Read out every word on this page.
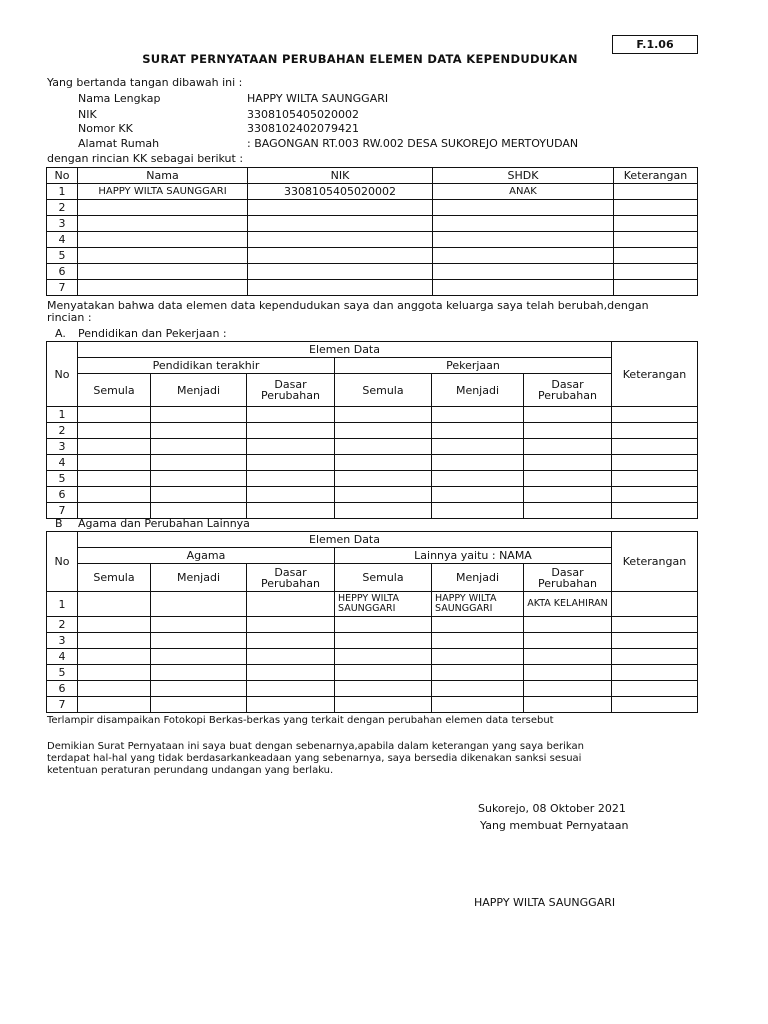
F.1.06
SURAT PERNYATAAN PERUBAHAN ELEMEN DATA KEPENDUDUKAN
Yang bertanda tangan dibawah ini :
Nama Lengkap	HAPPY WILTA SAUNGGARI
NIK	3308105405020002
Nomor KK	3308102402079421
Alamat Rumah	: BAGONGAN RT.003 RW.002 DESA SUKOREJO MERTOYUDAN
dengan rincian KK sebagai berikut :
No	Nama	NIK	SHDK	Keterangan
1	HAPPY WILTA SAUNGGARI	3308105405020002	ANAK	
2				
3				
4				
5				
6				
7				
Menyatakan bahwa data elemen data kependudukan saya dan anggota keluarga saya telah berubah,dengan rincian :
A. Pendidikan dan Pekerjaan :
No	Elemen Data						Keterangan
	Pendidikan terakhir			Pekerjaan			
	Semula	Menjadi	Dasar Perubahan	Semula	Menjadi	Dasar Perubahan	
1							
2							
3							
4							
5							
6							
7							
B Agama dan Perubahan Lainnya
No	Elemen Data						Keterangan
	Agama			Lainnya yaitu : NAMA			
	Semula	Menjadi	Dasar Perubahan	Semula	Menjadi	Dasar Perubahan	
1				HEPPY WILTA SAUNGGARI	HAPPY WILTA SAUNGGARI	AKTA KELAHIRAN	
2							
3							
4							
5							
6							
7							
Terlampir disampaikan Fotokopi Berkas-berkas yang terkait dengan perubahan elemen data tersebut
Demikian Surat Pernyataan ini saya buat dengan sebenarnya,apabila dalam keterangan yang saya berikan
terdapat hal-hal yang tidak berdasarkankeadaan yang sebenarnya, saya bersedia dikenakan sanksi sesuai
ketentuan peraturan perundang undangan yang berlaku.
Sukorejo, 08 Oktober 2021
Yang membuat Pernyataan
HAPPY WILTA SAUNGGARI
